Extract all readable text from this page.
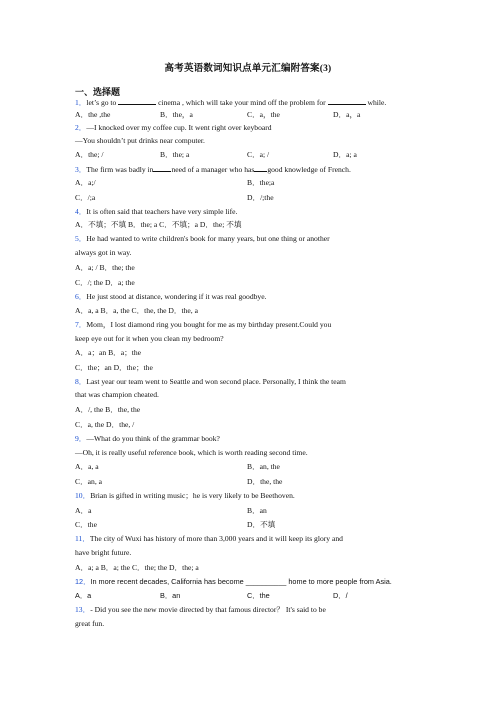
高考英语数词知识点单元汇编附答案(3)
一、选择题
1．let’s go to	cinema , which will take your mind off the problem for	while.
A．the ,the	B．the，a	C．a，the	D．a，a
2．—I knocked over my coffee cup. It went right over keyboard
—You shouldn’t put drinks near computer.
A．the; /	B．the; a	C．a; /	D．a; a
3．The firm was badly in need of a manager who has good knowledge of French.
A．a;/	B．the;a
C．/;a	D．/;the
4．It is often said that teachers have very simple life.
A．不填；不填 B．the; a C．不填；a D．the; 不填
5．He had wanted to write children's book for many years, but one thing or another
always got in way.
A．a; / B．the; the
C．/; the D．a; the
6．He just stood at distance, wondering if it was real goodbye.
A．a, a B．a, the C．the, the D．the, a
7．Mom，I lost diamond ring you bought for me as my birthday present.Could you
keep eye out for it when you clean my bedroom?
A．a；an B．a；the
C．the；an D．the；the
8．Last year our team went to Seattle and won second place. Personally, I think the team
that was champion cheated.
A．/, the B．the, the
C．a, the D．the, /
9．—What do you think of the grammar book?
—Oh, it is really useful reference book, which is worth reading second time.
A．a, a	B．an, the
C．an, a	D．the, the
10．Brian is gifted in writing music；he is very likely to be Beethoven.
A．a	B．an
C．the	D．不填
11．The city of Wuxi has history of more than 3,000 years and it will keep its glory and
have bright future.
A．a; a B．a; the C．the; the D．the; a
12．In more recent decades, California has become __________ home to more people from Asia.
A．a	B．an	C．the	D．/
13．- Did you see the new movie directed by that famous director？ It's said to be
great fun.
